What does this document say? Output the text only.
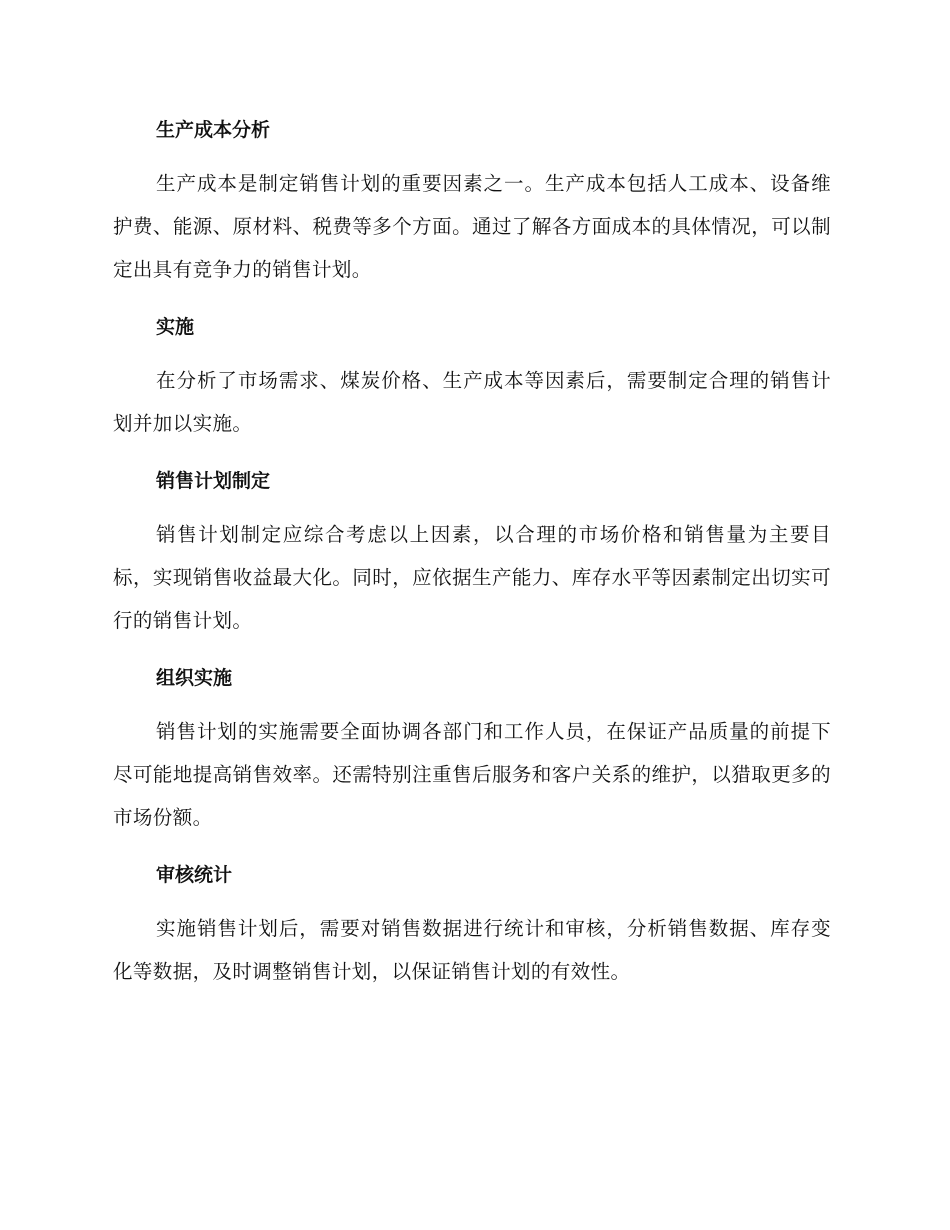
生产成本分析

生产成本是制定销售计划的重要因素之一。生产成本包括人工成本、设备维护费、能源、原材料、税费等多个方面。通过了解各方面成本的具体情况，可以制定出具有竞争力的销售计划。

实施

在分析了市场需求、煤炭价格、生产成本等因素后，需要制定合理的销售计划并加以实施。

销售计划制定

销售计划制定应综合考虑以上因素，以合理的市场价格和销售量为主要目标，实现销售收益最大化。同时，应依据生产能力、库存水平等因素制定出切实可行的销售计划。

组织实施

销售计划的实施需要全面协调各部门和工作人员，在保证产品质量的前提下尽可能地提高销售效率。还需特别注重售后服务和客户关系的维护，以猎取更多的市场份额。

审核统计

实施销售计划后，需要对销售数据进行统计和审核，分析销售数据、库存变化等数据，及时调整销售计划，以保证销售计划的有效性。
